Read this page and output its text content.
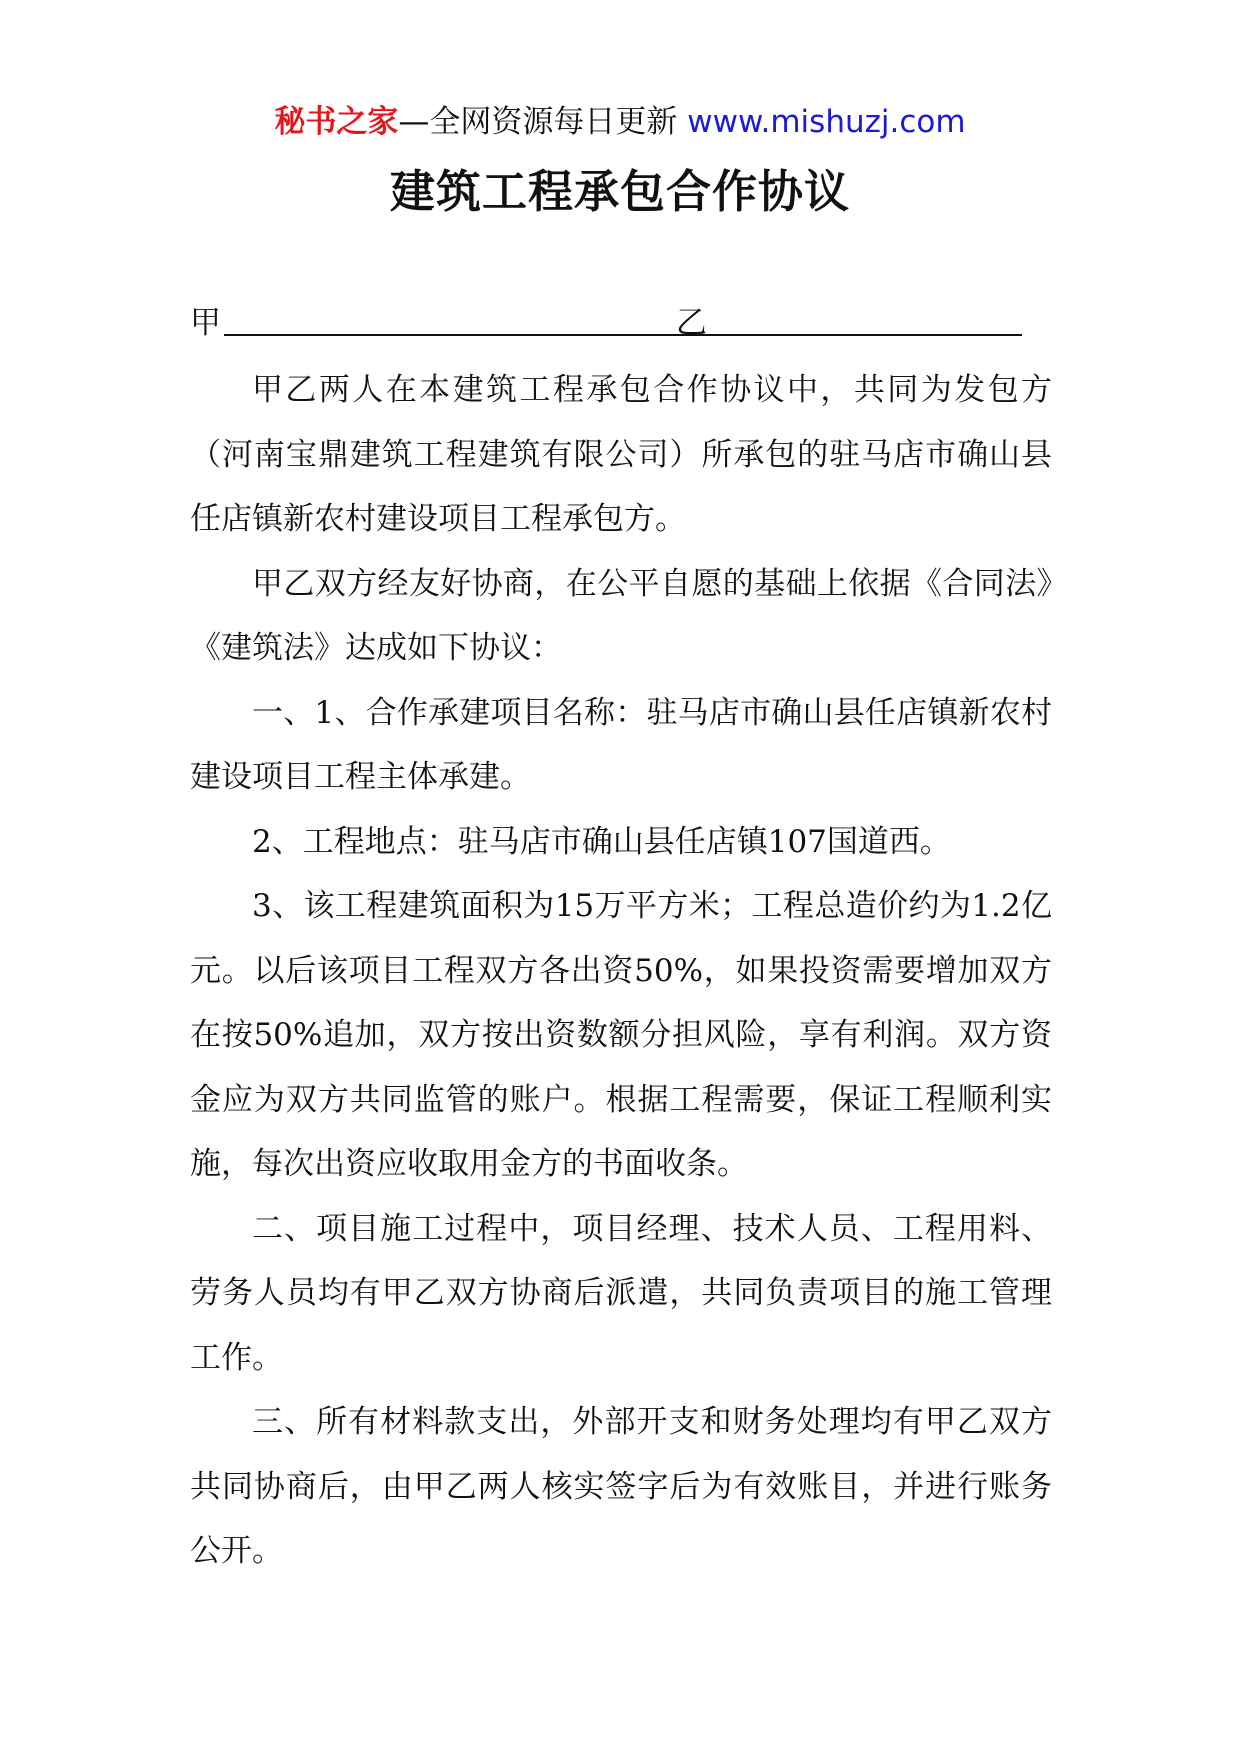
秘书之家—全网资源每日更新 www.mishuzj.com
建筑工程承包合作协议
甲	乙

甲乙两人在本建筑工程承包合作协议中，共同为发包方（河南宝鼎建筑工程建筑有限公司）所承包的驻马店市确山县任店镇新农村建设项目工程承包方。

甲乙双方经友好协商，在公平自愿的基础上依据《合同法》《建筑法》达成如下协议：

一、1、合作承建项目名称：驻马店市确山县任店镇新农村建设项目工程主体承建。

2、工程地点：驻马店市确山县任店镇107国道西。

3、该工程建筑面积为15万平方米；工程总造价约为1.2亿元。以后该项目工程双方各出资50%，如果投资需要增加双方在按50%追加，双方按出资数额分担风险，享有利润。双方资金应为双方共同监管的账户。根据工程需要，保证工程顺利实施，每次出资应收取用金方的书面收条。

二、项目施工过程中，项目经理、技术人员、工程用料、劳务人员均有甲乙双方协商后派遣，共同负责项目的施工管理工作。

三、所有材料款支出，外部开支和财务处理均有甲乙双方共同协商后，由甲乙两人核实签字后为有效账目，并进行账务公开。
